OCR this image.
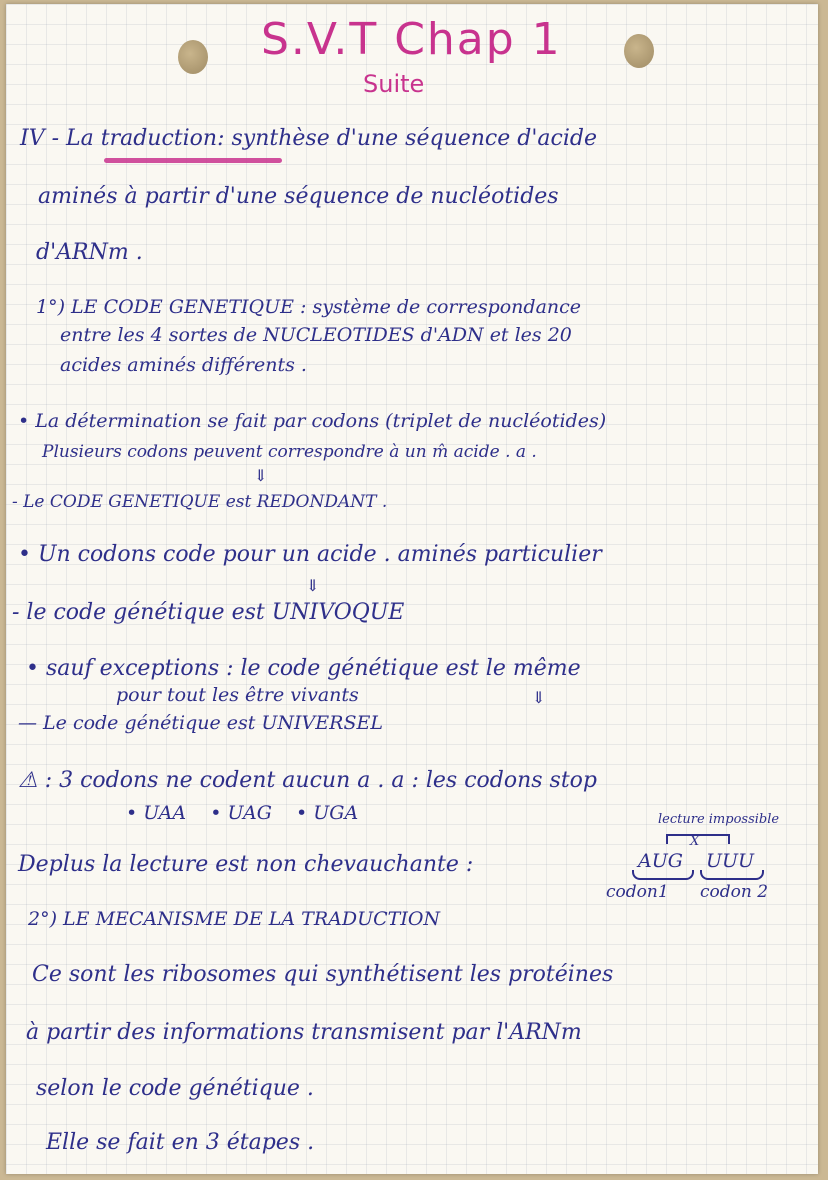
S.V.T Chap 1
Suite
IV - La traduction: synthèse d'une séquence d'acide
aminés à partir d'une séquence de nucléotides
d'ARNm .
1°) LE CODE GENETIQUE : système de correspondance
entre les 4 sortes de NUCLEOTIDES d'ADN et les 20
acides aminés différents .
• La détermination se fait par codons (triplet de nucléotides)
Plusieurs codons peuvent correspondre à un m̂ acide . a .
⇓
- Le CODE GENETIQUE est REDONDANT .
• Un codons code pour un acide . aminés particulier
⇓
- le code génétique est UNIVOQUE
• sauf exceptions : le code génétique est le même
pour tout les être vivants	⇓
— Le code génétique est UNIVERSEL
⚠ : 3 codons ne codent aucun a . a : les codons stop
• UAA • UAG • UGA
Deplus la lecture est non chevauchante :
lecture impossible
X
AUG UUU
codon1 codon 2
2°) LE MECANISME DE LA TRADUCTION
Ce sont les ribosomes qui synthétisent les protéines
à partir des informations transmisent par l'ARNm
selon le code génétique .
Elle se fait en 3 étapes .
